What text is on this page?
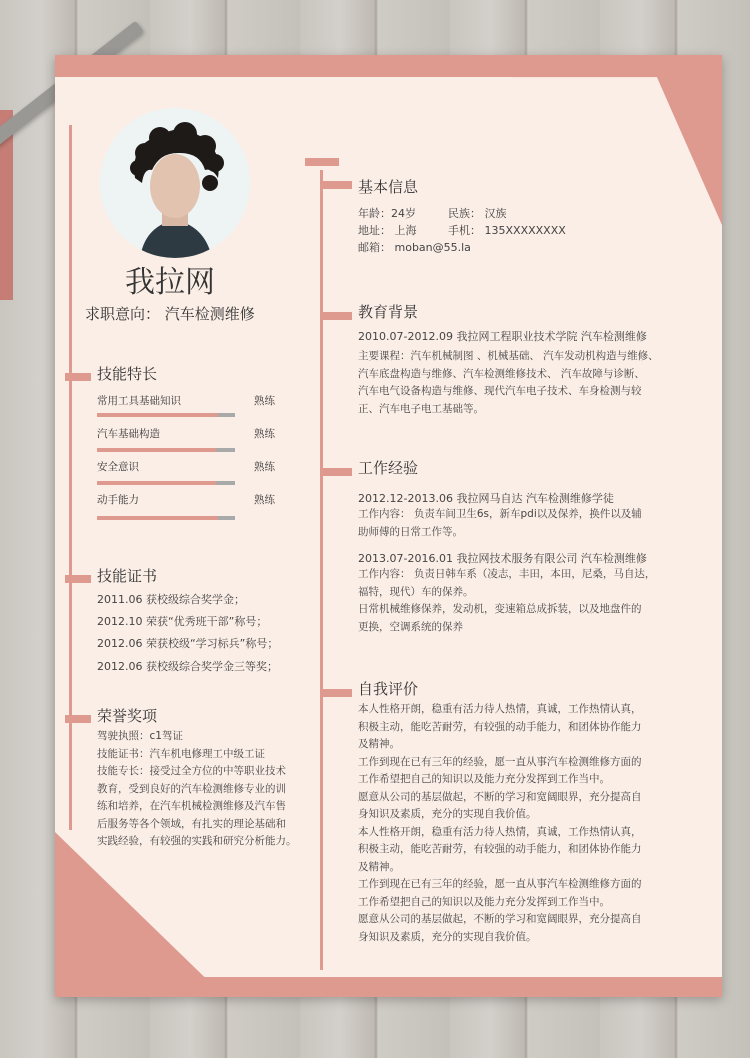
我拉网
求职意向： 汽车检测维修
技能特长
常用工具基础知识	熟练
汽车基础构造	熟练
安全意识	熟练
动手能力	熟练
技能证书
2011.06 获校级综合奖学金；
2012.10 荣获“优秀班干部”称号；
2012.06 荣获校级“学习标兵”称号；
2012.06 获校级综合奖学金三等奖；
荣誉奖项
驾驶执照：c1驾证
技能证书：汽车机电修理工中级工证
技能专长：接受过全方位的中等职业技术
教育，受到良好的汽车检测维修专业的训
练和培养，在汽车机械检测维修及汽车售
后服务等各个领域，有扎实的理论基础和
实践经验，有较强的实践和研究分析能力。
基本信息
年龄：24岁	民族： 汉族
地址： 上海	手机： 135XXXXXXXX
邮箱： moban@55.la
教育背景
2010.07-2012.09 我拉网工程职业技术学院 汽车检测维修
主要课程：汽车机械制图 、机械基础、 汽车发动机构造与维修、
汽车底盘构造与维修、汽车检测维修技术、 汽车故障与诊断、
汽车电气设备构造与维修、现代汽车电子技术、车身检测与较
正、汽车电子电工基础等。
工作经验
2012.12-2013.06 我拉网马自达 汽车检测维修学徒
工作内容： 负责车间卫生6s，新车pdi以及保养，换件以及辅
助师傅的日常工作等。
2013.07-2016.01 我拉网技术服务有限公司 汽车检测维修
工作内容： 负责日韩车系（凌志，丰田，本田，尼桑，马自达，
福特，现代）车的保养。
日常机械维修保养，发动机，变速箱总成拆装，以及地盘件的
更换，空调系统的保养
自我评价
本人性格开朗，稳重有活力待人热情，真诚，工作热情认真，
积极主动，能吃苦耐劳，有较强的动手能力，和团体协作能力
及精神。
工作到现在已有三年的经验，愿一直从事汽车检测维修方面的
工作希望把自己的知识以及能力充分发挥到工作当中。
愿意从公司的基层做起，不断的学习和宽阔眼界，充分提高自
身知识及素质，充分的实现自我价值。
本人性格开朗，稳重有活力待人热情，真诚，工作热情认真，
积极主动，能吃苦耐劳，有较强的动手能力，和团体协作能力
及精神。
工作到现在已有三年的经验，愿一直从事汽车检测维修方面的
工作希望把自己的知识以及能力充分发挥到工作当中。
愿意从公司的基层做起，不断的学习和宽阔眼界，充分提高自
身知识及素质，充分的实现自我价值。
